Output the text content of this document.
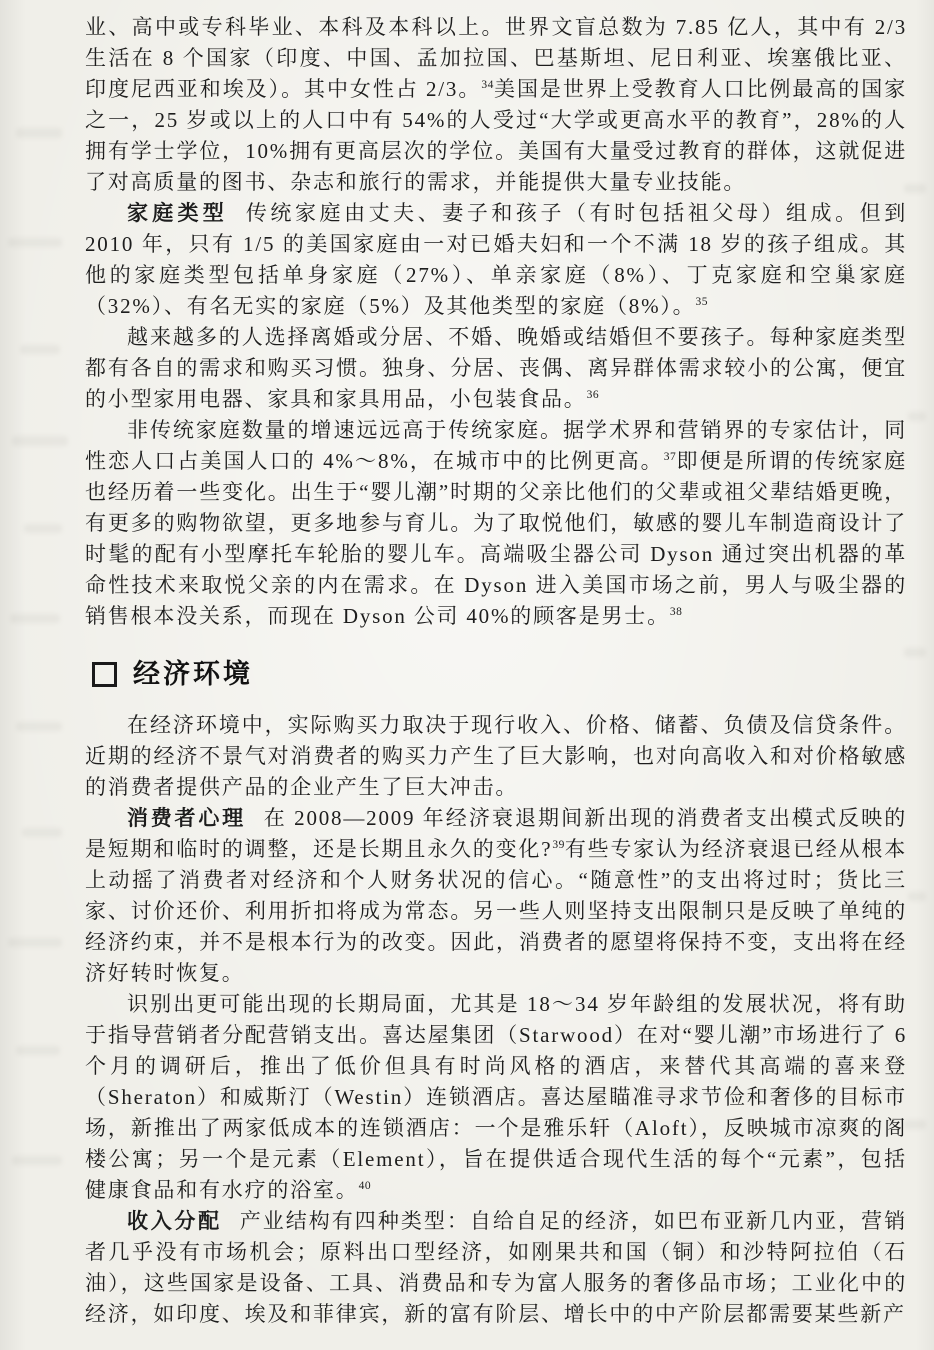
业、高中或专科毕业、本科及本科以上。世界文盲总数为 7.85 亿人，其中有 2/3 生活在 8 个国家（印度、中国、孟加拉国、巴基斯坦、尼日利亚、埃塞俄比亚、印度尼西亚和埃及）。其中女性占 2/3。$^{34}$美国是世界上受教育人口比例最高的国家之一，25 岁或以上的人口中有 54%的人受过“大学或更高水平的教育”，28%的人拥有学士学位，10%拥有更高层次的学位。美国有大量受过教育的群体，这就促进了对高质量的图书、杂志和旅行的需求，并能提供大量专业技能。

家庭类型 传统家庭由丈夫、妻子和孩子（有时包括祖父母）组成。但到 2010 年，只有 1/5 的美国家庭由一对已婚夫妇和一个不满 18 岁的孩子组成。其他的家庭类型包括单身家庭（27%）、单亲家庭（8%）、丁克家庭和空巢家庭（32%）、有名无实的家庭（5%）及其他类型的家庭（8%）。$^{35}$

越来越多的人选择离婚或分居、不婚、晚婚或结婚但不要孩子。每种家庭类型都有各自的需求和购买习惯。独身、分居、丧偶、离异群体需求较小的公寓，便宜的小型家用电器、家具和家具用品，小包装食品。$^{36}$

非传统家庭数量的增速远远高于传统家庭。据学术界和营销界的专家估计，同性恋人口占美国人口的 4%～8%，在城市中的比例更高。$^{37}$即便是所谓的传统家庭也经历着一些变化。出生于“婴儿潮”时期的父亲比他们的父辈或祖父辈结婚更晚，有更多的购物欲望，更多地参与育儿。为了取悦他们，敏感的婴儿车制造商设计了时髦的配有小型摩托车轮胎的婴儿车。高端吸尘器公司 Dyson 通过突出机器的革命性技术来取悦父亲的内在需求。在 Dyson 进入美国市场之前，男人与吸尘器的销售根本没关系，而现在 Dyson 公司 40%的顾客是男士。$^{38}$

经济环境

在经济环境中，实际购买力取决于现行收入、价格、储蓄、负债及信贷条件。近期的经济不景气对消费者的购买力产生了巨大影响，也对向高收入和对价格敏感的消费者提供产品的企业产生了巨大冲击。

消费者心理 在 2008—2009 年经济衰退期间新出现的消费者支出模式反映的是短期和临时的调整，还是长期且永久的变化?$^{39}$有些专家认为经济衰退已经从根本上动摇了消费者对经济和个人财务状况的信心。“随意性”的支出将过时；货比三家、讨价还价、利用折扣将成为常态。另一些人则坚持支出限制只是反映了单纯的经济约束，并不是根本行为的改变。因此，消费者的愿望将保持不变，支出将在经济好转时恢复。

识别出更可能出现的长期局面，尤其是 18～34 岁年龄组的发展状况，将有助于指导营销者分配营销支出。喜达屋集团（Starwood）在对“婴儿潮”市场进行了 6 个月的调研后，推出了低价但具有时尚风格的酒店，来替代其高端的喜来登（Sheraton）和威斯汀（Westin）连锁酒店。喜达屋瞄准寻求节俭和奢侈的目标市场，新推出了两家低成本的连锁酒店：一个是雅乐轩（Aloft），反映城市凉爽的阁楼公寓；另一个是元素（Element），旨在提供适合现代生活的每个“元素”，包括健康食品和有水疗的浴室。$^{40}$

收入分配 产业结构有四种类型：自给自足的经济，如巴布亚新几内亚，营销者几乎没有市场机会；原料出口型经济，如刚果共和国（铜）和沙特阿拉伯（石油），这些国家是设备、工具、消费品和专为富人服务的奢侈品市场；工业化中的经济，如印度、埃及和菲律宾，新的富有阶层、增长中的中产阶层都需要某些新产
